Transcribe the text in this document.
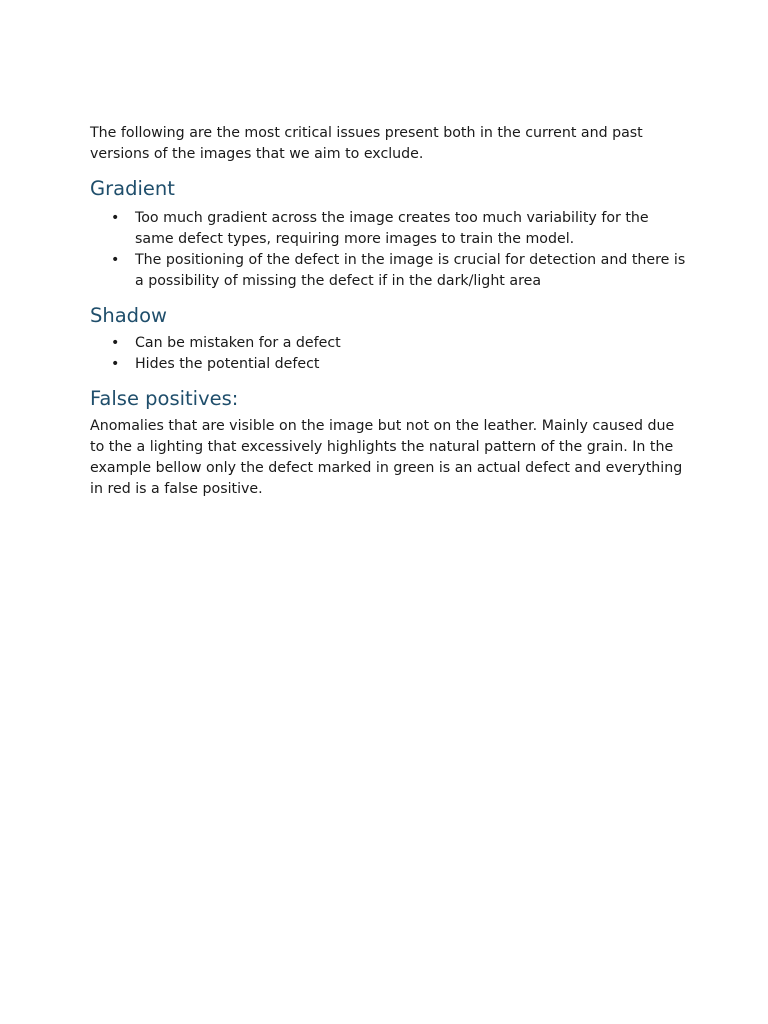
The following are the most critical issues present both in the current and past versions of the images that we aim to exclude.

Gradient
• Too much gradient across the image creates too much variability for the same defect types, requiring more images to train the model.
• The positioning of the defect in the image is crucial for detection and there is a possibility of missing the defect if in the dark/light area
Shadow
• Can be mistaken for a defect
• Hides the potential defect
False positives:

Anomalies that are visible on the image but not on the leather. Mainly caused due to the a lighting that excessively highlights the natural pattern of the grain. In the example bellow only the defect marked in green is an actual defect and everything in red is a false positive.
